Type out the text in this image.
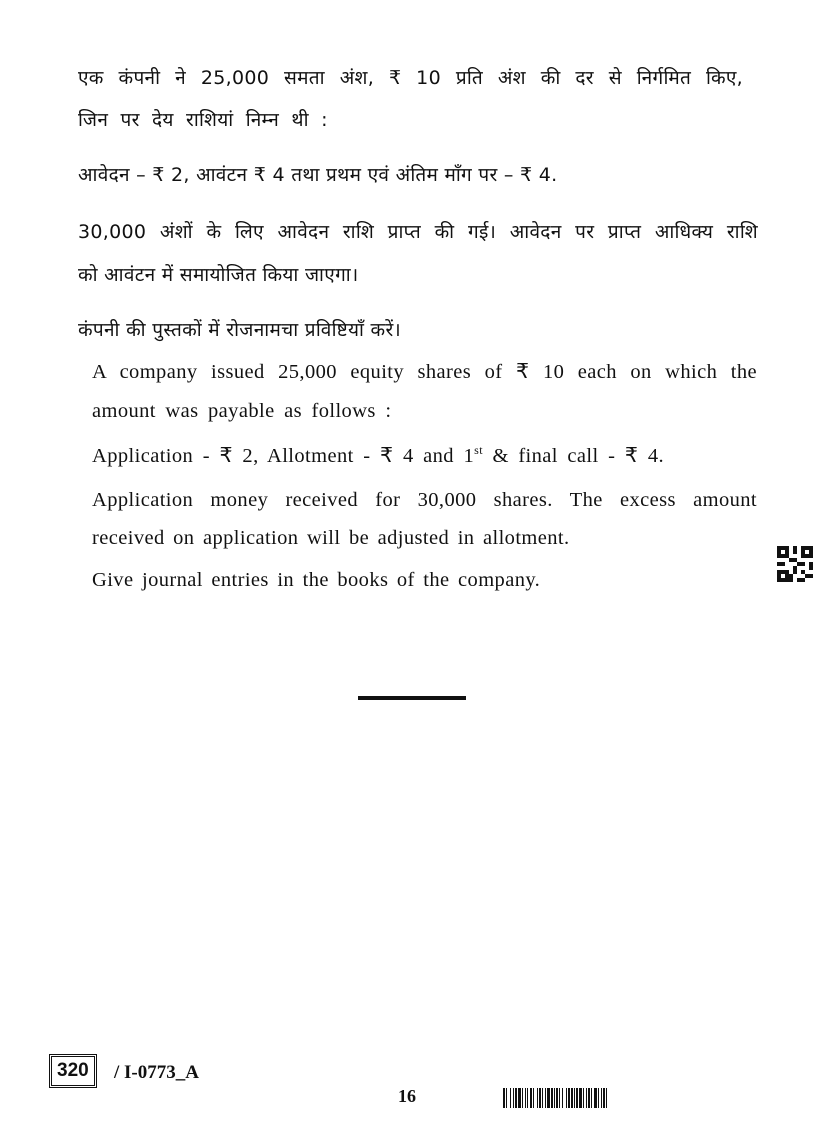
एक कंपनी ने 25,000 समता अंश, ₹ 10 प्रति अंश की दर से निर्गमित किए,
जिन पर देय राशियां निम्न थी :
आवेदन – ₹ 2, आवंटन ₹ 4 तथा प्रथम एवं अंतिम माँग पर – ₹ 4.
30,000 अंशों के लिए आवेदन राशि प्राप्त की गई। आवेदन पर प्राप्त आधिक्य राशि
को आवंटन में समायोजित किया जाएगा।
कंपनी की पुस्तकों में रोजनामचा प्रविष्टियाँ करें।
A company issued 25,000 equity shares of ₹ 10 each on which the
amount was payable as follows :
Application - ₹ 2, Allotment - ₹ 4 and 1st & final call - ₹ 4.
Application money received for 30,000 shares. The excess amount
received on application will be adjusted in allotment.
Give journal entries in the books of the company.
320	/ I-0773_A
16
